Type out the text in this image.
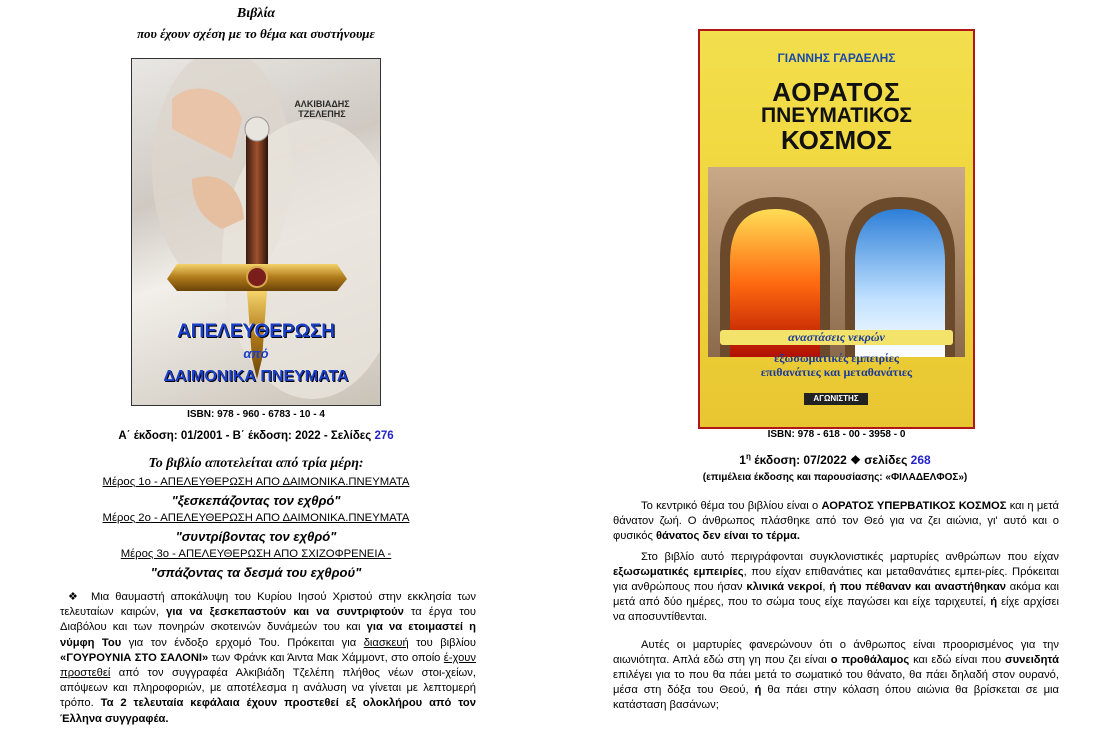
Βιβλία
που έχουν σχέση με το θέμα και συστήνουμε
ΑΛΚΙΒΙΑΔΗΣ
ΤΖΕΛΕΠΗΣ
ΑΠΕΛΕΥΘΕΡΩΣΗ
από
ΔΑΙΜΟΝΙΚΑ ΠΝΕΥΜΑΤΑ
ISBN: 978 - 960 - 6783 - 10 - 4
Α΄ έκδοση: 01/2001 - Β΄ έκδοση: 2022 - Σελίδες 276
Το βιβλίο αποτελείται από τρία μέρη:
Μέρος 1ο - ΑΠΕΛΕΥΘΕΡΩΣΗ ΑΠΟ ΔΑΙΜΟΝΙΚΑ.ΠΝΕΥΜΑΤΑ
"ξεσκεπάζοντας τον εχθρό"
Μέρος 2ο - ΑΠΕΛΕΥΘΕΡΩΣΗ ΑΠΟ ΔΑΙΜΟΝΙΚΑ.ΠΝΕΥΜΑΤΑ
"συντρίβοντας τον εχθρό"
Μέρος 3ο - ΑΠΕΛΕΥΘΕΡΩΣΗ ΑΠΟ ΣΧΙΖΟΦΡΕΝΕΙΑ -
"σπάζοντας τα δεσμά του εχθρού"

❖ Μια θαυμαστή αποκάλυψη του Κυρίου Ιησού Χριστού στην εκκλησία των τελευταίων καιρών, για να ξεσκεπαστούν και να συντριφτούν τα έργα του Διαβόλου και των πονηρών σκοτεινών δυνάμεών του και για να ετοιμαστεί η νύμφη Του για τον ένδοξο ερχομό Του. Πρόκειται για διασκευή του βιβλίου «ΓΟΥΡΟΥΝΙΑ ΣΤΟ ΣΑΛΟΝΙ» των Φράνκ και Άιντα Μακ Χάμμοντ, στο οποίο έ-χουν προστεθεί από τον συγγραφέα Αλκιβιάδη Τζελέπη πλήθος νέων στοι-χείων, απόψεων και πληροφοριών, με αποτέλεσμα η ανάλυση να γίνεται με λεπτομερή τρόπο. Τα 2 τελευταία κεφάλαια έχουν προστεθεί εξ ολοκλήρου από τον Έλληνα συγγραφέα.

ΓΙΑΝΝΗΣ ΓΑΡΔΕΛΗΣ
ΑΟΡΑΤΟΣ
ΠΝΕΥΜΑΤΙΚΟΣ
ΚΟΣΜΟΣ
αναστάσεις νεκρών
εξωσωματικές εμπειρίες
επιθανάτιες και μεταθανάτιες
ΑΓΩΝΙΣΤΗΣ
ISBN: 978 - 618 - 00 - 3958 - 0
$1^\eta$ έκδοση: 07/2022 ❖ σελίδες 268
(επιμέλεια έκδοσης και παρουσίασης: «ΦΙΛΑΔΕΛΦΟΣ»)

Το κεντρικό θέμα του βιβλίου είναι ο ΑΟΡΑΤΟΣ ΥΠΕΡΒΑΤΙΚΟΣ ΚΟΣΜΟΣ και η μετά θάνατον ζωή. Ο άνθρωπος πλάσθηκε από τον Θεό για να ζει αιώνια, γι' αυτό και ο φυσικός θάνατος δεν είναι το τέρμα.

Στο βιβλίο αυτό περιγράφονται συγκλονιστικές μαρτυρίες ανθρώπων που είχαν εξωσωματικές εμπειρίες, που είχαν επιθανάτιες και μεταθανάτιες εμπει-ρίες. Πρόκειται για ανθρώπους που ήσαν κλινικά νεκροί, ή που πέθαναν και αναστήθηκαν ακόμα και μετά από δύο ημέρες, που το σώμα τους είχε παγώσει και είχε ταριχευτεί, ή είχε αρχίσει να αποσυντίθενται.

Αυτές οι μαρτυρίες φανερώνουν ότι ο άνθρωπος είναι προορισμένος για την αιωνιότητα. Απλά εδώ στη γη που ζει είναι ο προθάλαμος και εδώ είναι που συνειδητά επιλέγει για το που θα πάει μετά το σωματικό του θάνατο, θα πάει δηλαδή στον ουρανό, μέσα στη δόξα του Θεού, ή θα πάει στην κόλαση όπου αιώνια θα βρίσκεται σε μια κατάσταση βασάνων;
